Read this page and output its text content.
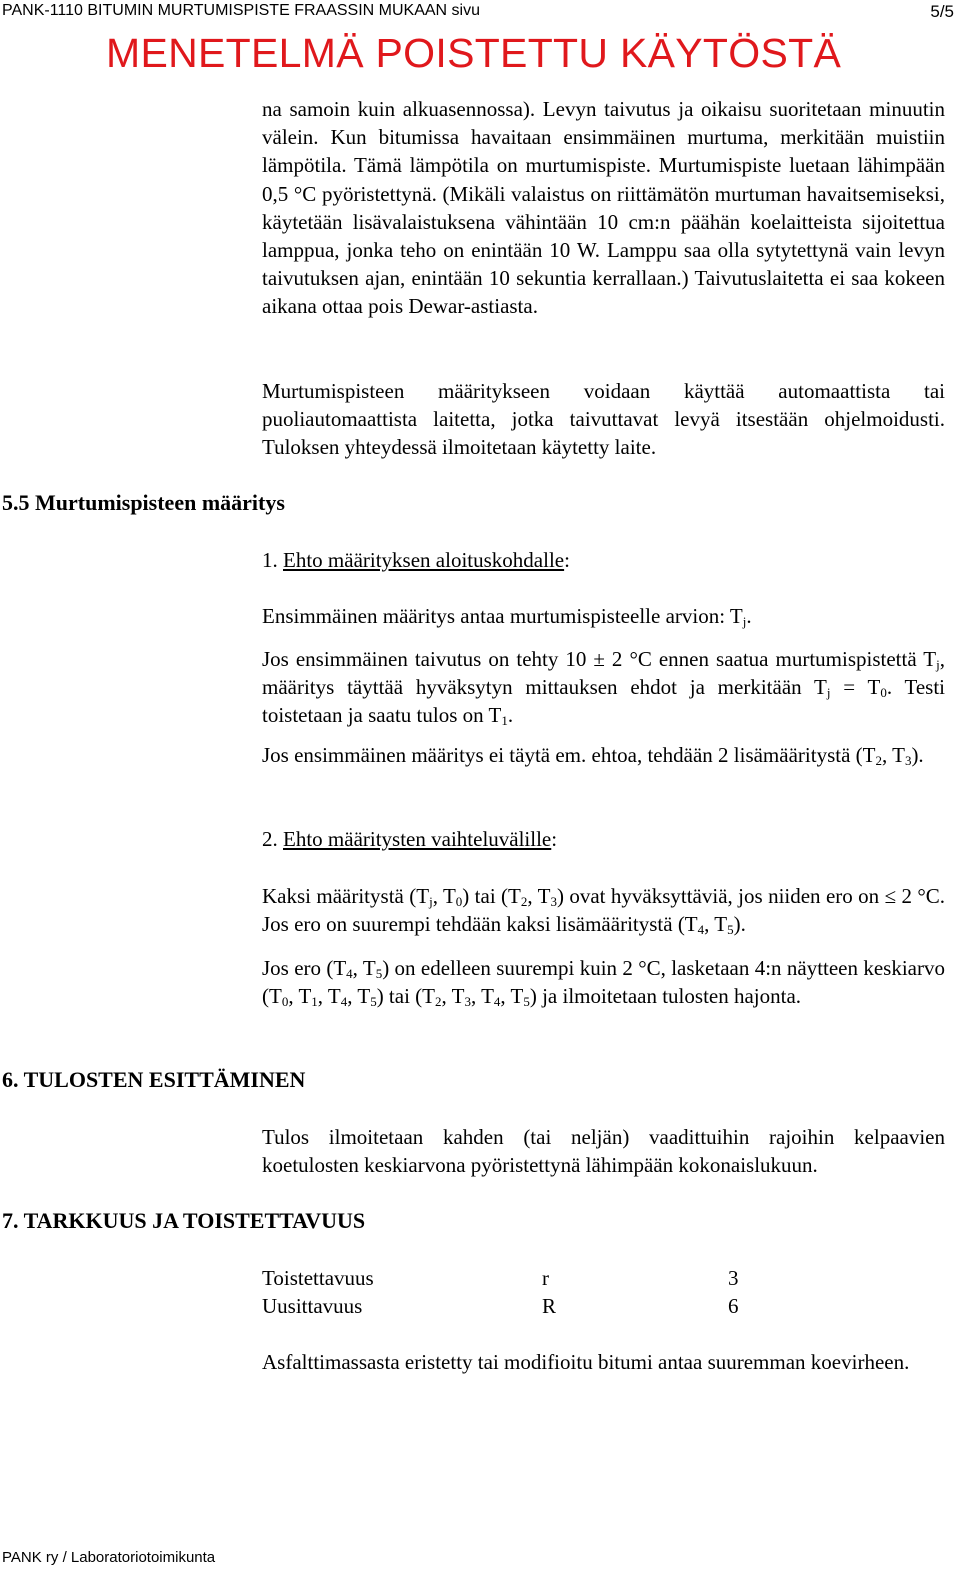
PANK-1110 BITUMIN MURTUMISPISTE FRAASSIN MUKAAN sivu	5/5
MENETELMÄ POISTETTU KÄYTÖSTÄ

na samoin kuin alkuasennossa). Levyn taivutus ja oikaisu suoritetaan minuutin välein. Kun bitumissa havaitaan ensimmäinen murtuma, merkitään muistiin lämpötila. Tämä lämpötila on murtumispiste. Murtumispiste luetaan lähimpään 0,5 °C pyöristettynä. (Mikäli valaistus on riittämätön murtuman havaitsemiseksi, käytetään lisävalaistuksena vähintään 10 cm:n päähän koelaitteista sijoitettua lamppua, jonka teho on enintään 10 W. Lamppu saa olla sytytettynä vain levyn taivutuksen ajan, enintään 10 sekuntia kerrallaan.) Taivutuslaitetta ei saa kokeen aikana ottaa pois Dewar-astiasta.

Murtumispisteen määritykseen voidaan käyttää automaattista tai puoliautomaattista laitetta, jotka taivuttavat levyä itsestään ohjelmoidusti. Tuloksen yhteydessä ilmoitetaan käytetty laite.

5.5 Murtumispisteen määritys

1. Ehto määrityksen aloituskohdalle:

Ensimmäinen määritys antaa murtumispisteelle arvion: $T_j$.

Jos ensimmäinen taivutus on tehty 10 ± 2 °C ennen saatua murtumispistettä $T_j$, määritys täyttää hyväksytyn mittauksen ehdot ja merkitään $T_j = T_0$. Testi toistetaan ja saatu tulos on $T_1$.

Jos ensimmäinen määritys ei täytä em. ehtoa, tehdään 2 lisämääritystä ($T_2$, $T_3$).

2. Ehto määritysten vaihteluvälille:

Kaksi määritystä ($T_j$, $T_0$) tai ($T_2$, $T_3$) ovat hyväksyttäviä, jos niiden ero on ≤ 2 °C. Jos ero on suurempi tehdään kaksi lisämääritystä ($T_4$, $T_5$).

Jos ero ($T_4$, $T_5$) on edelleen suurempi kuin 2 °C, lasketaan 4:n näytteen keskiarvo ($T_0$, $T_1$, $T_4$, $T_5$) tai ($T_2$, $T_3$, $T_4$, $T_5$) ja ilmoitetaan tulosten hajonta.

6. TULOSTEN ESITTÄMINEN

Tulos ilmoitetaan kahden (tai neljän) vaadittuihin rajoihin kelpaavien koetulosten keskiarvona pyöristettynä lähimpään kokonaislukuun.

7. TARKKUUS JA TOISTETTAVUUS
Toistettavuus	r	3
Uusittavuus	R	6

Asfalttimassasta eristetty tai modifioitu bitumi antaa suuremman koevirheen.

PANK ry / Laboratoriotoimikunta
